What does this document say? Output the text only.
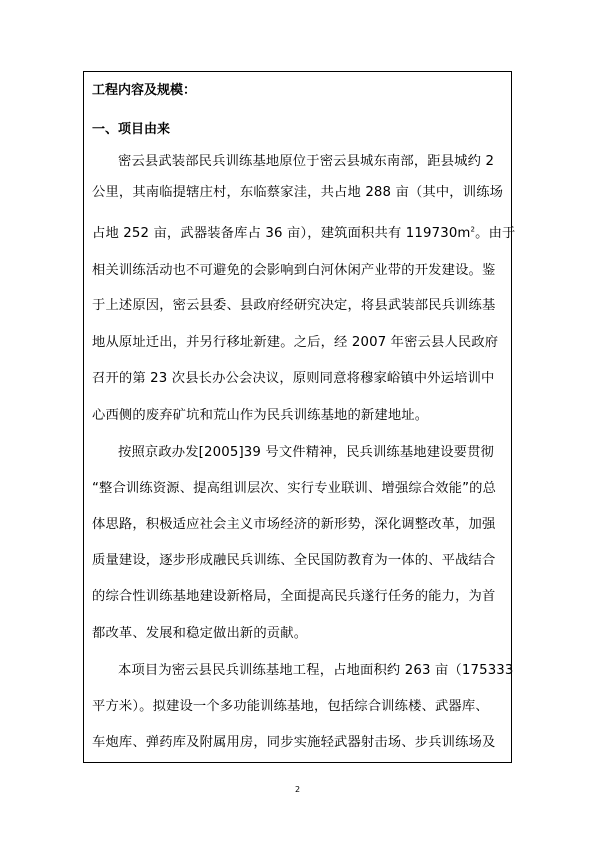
工程内容及规模：
一、项目由来
密云县武装部民兵训练基地原位于密云县城东南部，距县城约 2
公里，其南临提辖庄村，东临蔡家洼，共占地 288 亩（其中，训练场
占地 252 亩，武器装备库占 36 亩），建筑面积共有 $119730m^2$。由于
相关训练活动也不可避免的会影响到白河休闲产业带的开发建设。鉴
于上述原因，密云县委、县政府经研究决定，将县武装部民兵训练基
地从原址迁出，并另行移址新建。之后，经 2007 年密云县人民政府
召开的第 23 次县长办公会决议，原则同意将穆家峪镇中外运培训中
心西侧的废弃矿坑和荒山作为民兵训练基地的新建地址。
按照京政办发[2005]39 号文件精神，民兵训练基地建设要贯彻
“整合训练资源、提高组训层次、实行专业联训、增强综合效能”的总
体思路，积极适应社会主义市场经济的新形势，深化调整改革，加强
质量建设，逐步形成融民兵训练、全民国防教育为一体的、平战结合
的综合性训练基地建设新格局，全面提高民兵遂行任务的能力，为首
都改革、发展和稳定做出新的贡献。
本项目为密云县民兵训练基地工程，占地面积约 263 亩（175333
平方米）。拟建设一个多功能训练基地，包括综合训练楼、武器库、
车炮库、弹药库及附属用房，同步实施轻武器射击场、步兵训练场及
2
